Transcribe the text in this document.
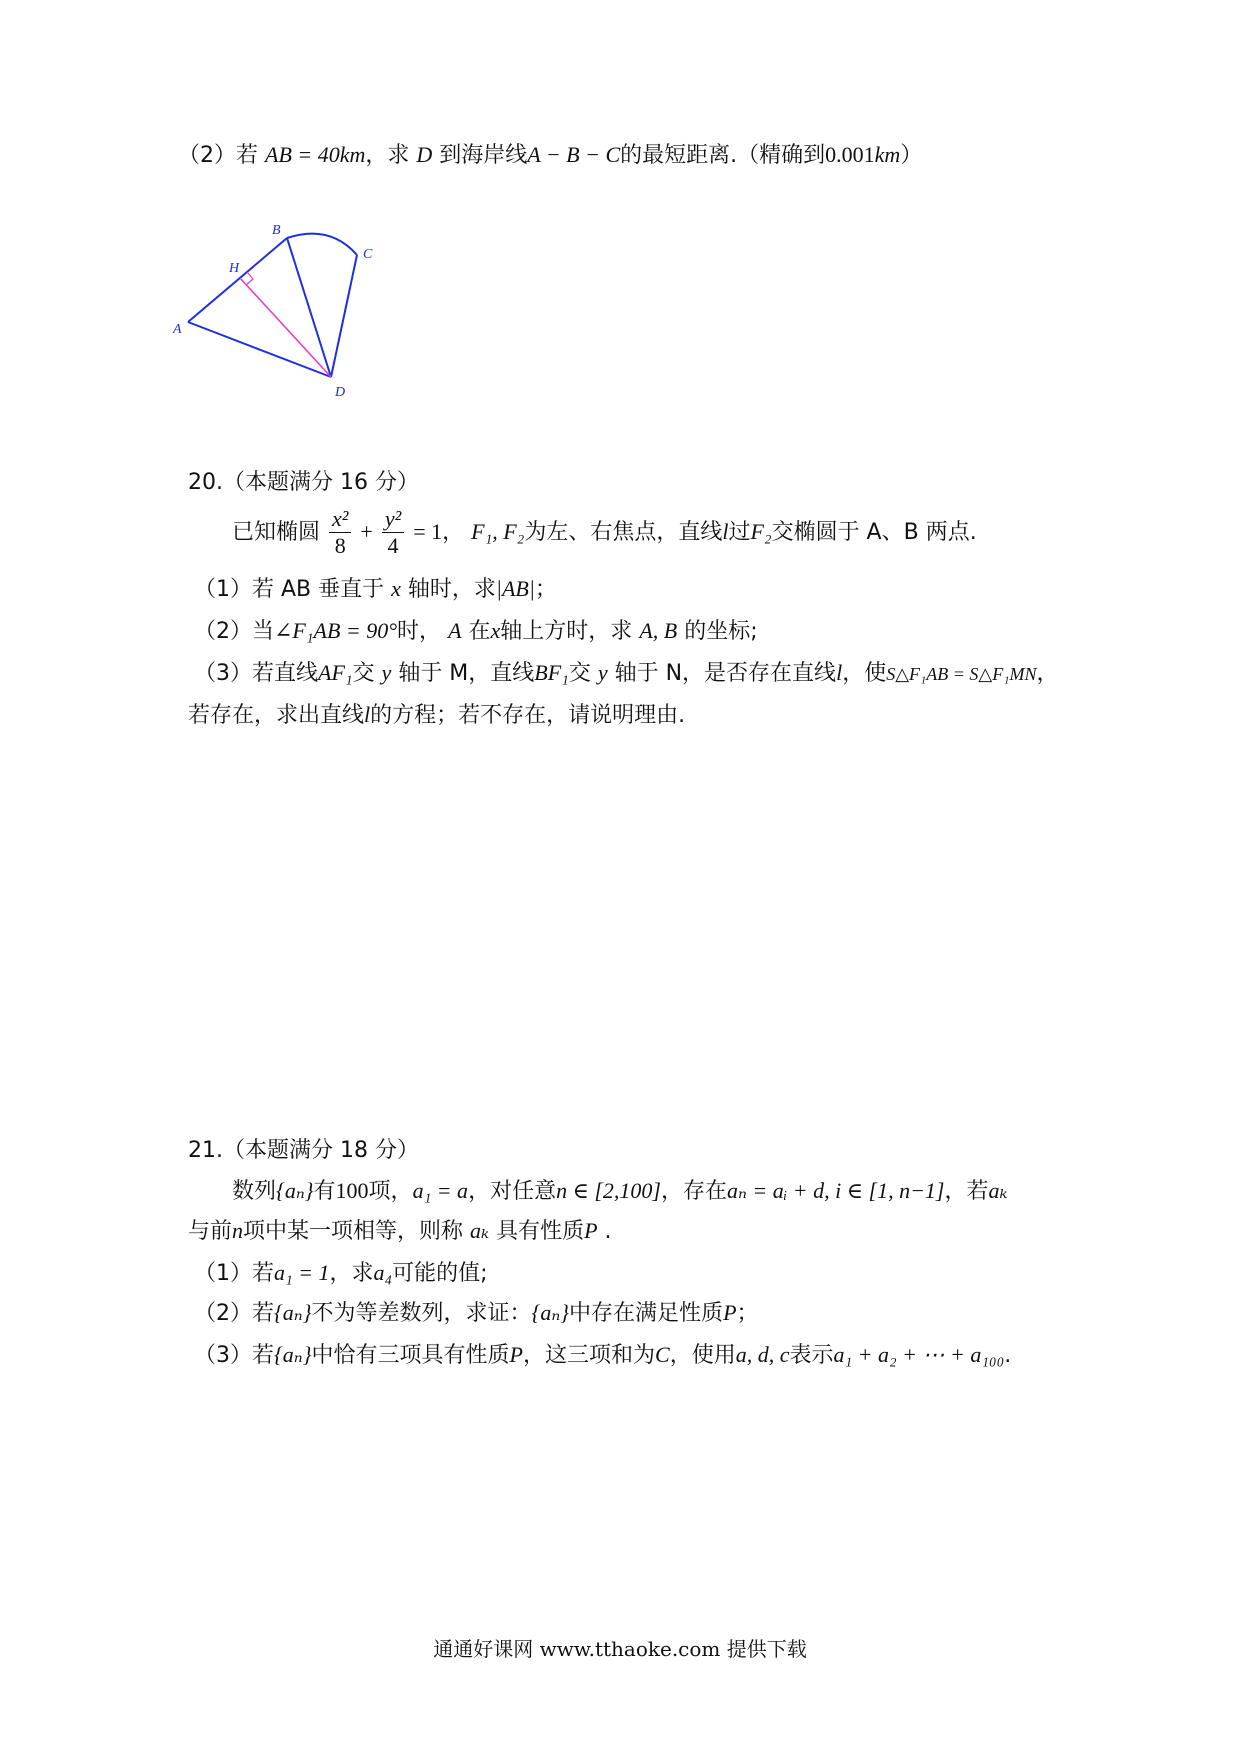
（2）若 AB = 40km，求 D 到海岸线A − B − C的最短距离.（精确到0.001km）
B
C
H
A
D
20.（本题满分 16 分）
已知椭圆 $\frac{\text{x²}}{8} + \frac{\text{y²}}{4} = 1$， F₁, F₂为左、右焦点，直线l过F₂交椭圆于 A、B 两点.
（1）若 AB 垂直于 x 轴时，求|AB|；
（2）当∠F₁AB = 90°时， A 在x轴上方时，求 A, B 的坐标;
（3）若直线AF₁交 y 轴于 M，直线BF₁交 y 轴于 N，是否存在直线l，使S△F₁AB = S△F₁MN，
若存在，求出直线l的方程；若不存在，请说明理由.
21.（本题满分 18 分）
数列{aₙ}有100项，a₁ = a，对任意n ∈ [2,100]，存在aₙ = aᵢ + d, i ∈ [1, n−1]，若aₖ
与前n项中某一项相等，则称 aₖ 具有性质P .
（1）若a₁ = 1，求a₄可能的值;
（2）若{aₙ}不为等差数列，求证：{aₙ}中存在满足性质P；
（3）若{aₙ}中恰有三项具有性质P，这三项和为C，使用a, d, c表示a₁ + a₂ + ⋯ + a₁₀₀.
通通好课网 www.tthaoke.com 提供下载
